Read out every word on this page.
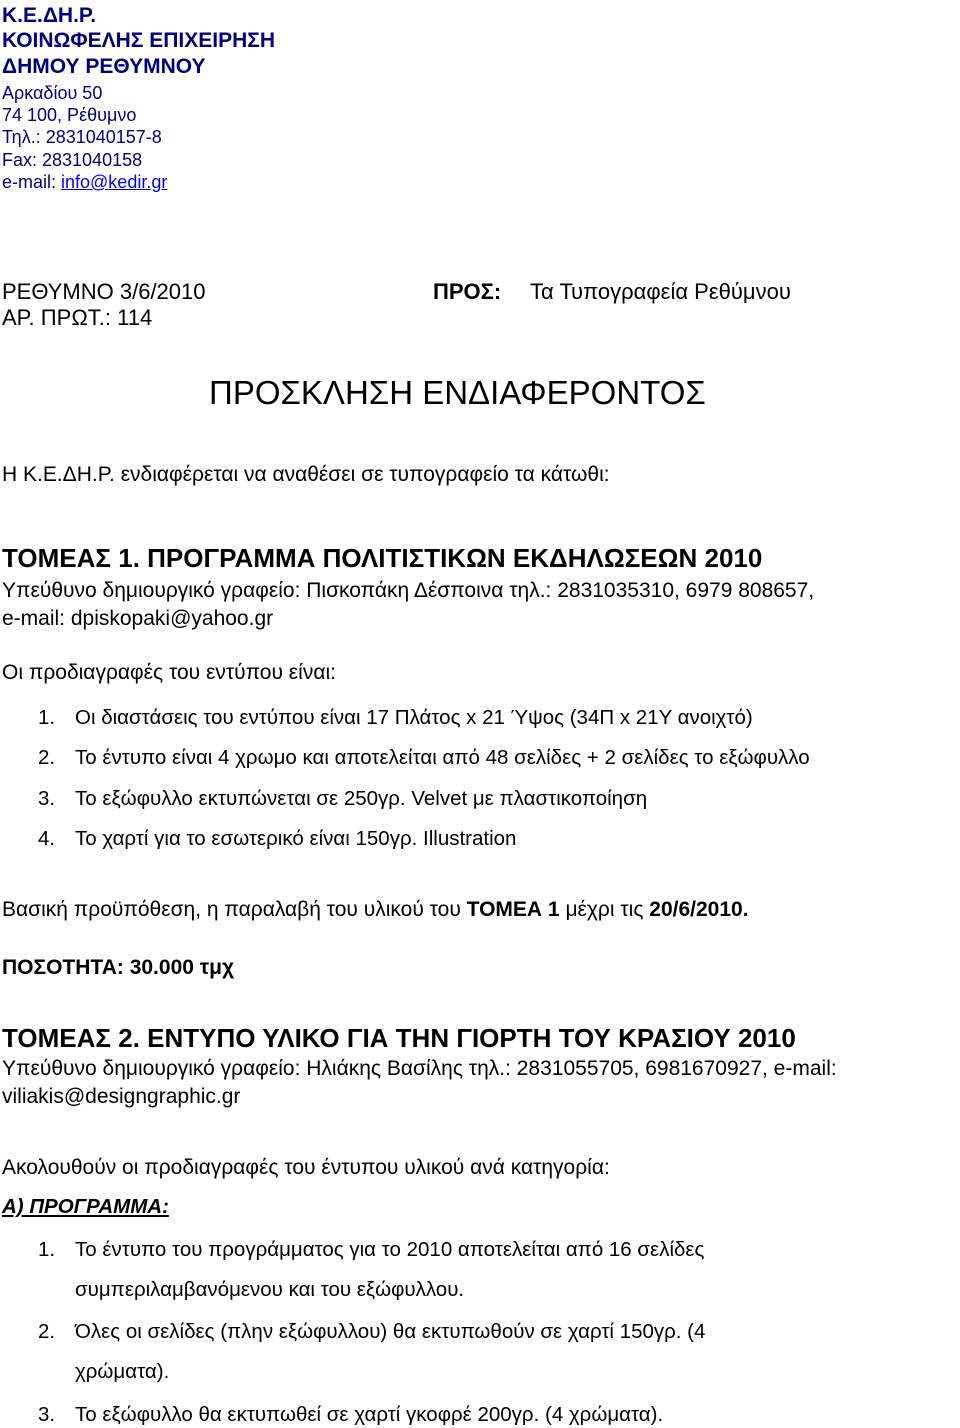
Κ.Ε.ΔΗ.Ρ.

ΚΟΙΝΩΦΕΛΗΣ ΕΠΙΧΕΙΡΗΣΗ

ΔΗΜΟΥ ΡΕΘΥΜΝΟΥ

Αρκαδίου 50

74 100, Ρέθυμνο

Τηλ.: 2831040157-8

Fax: 2831040158

e-mail: info@kedir.gr

ΡΕΘΥΜΝΟ 3/6/2010

ΑΡ. ΠΡΩΤ.: 114

ΠΡΟΣ: Τα Τυπογραφεία Ρεθύμνου

ΠΡΟΣΚΛΗΣΗ ΕΝΔΙΑΦΕΡΟΝΤΟΣ

Η Κ.Ε.ΔΗ.Ρ. ενδιαφέρεται να αναθέσει σε τυπογραφείο τα κάτωθι:

ΤΟΜΕΑΣ 1. ΠΡΟΓΡΑΜΜΑ ΠΟΛΙΤΙΣΤΙΚΩΝ ΕΚΔΗΛΩΣΕΩΝ 2010

Υπεύθυνο δημιουργικό γραφείο: Πισκοπάκη Δέσποινα τηλ.: 2831035310, 6979 808657,

e-mail: dpiskopaki@yahoo.gr

Οι προδιαγραφές του εντύπου είναι:

1. Οι διαστάσεις του εντύπου είναι 17 Πλάτος x 21 Ύψος (34Π x 21Υ ανοιχτό)
2. Το έντυπο είναι 4 χρωμο και αποτελείται από 48 σελίδες + 2 σελίδες το εξώφυλλο
3. Το εξώφυλλο εκτυπώνεται σε 250γρ. Velvet με πλαστικοποίηση
4. Το χαρτί για το εσωτερικό είναι 150γρ. Illustration

Βασική προϋπόθεση, η παραλαβή του υλικού του ΤΟΜΕΑ 1 μέχρι τις 20/6/2010.

ΠΟΣΟΤΗΤΑ: 30.000 τμχ

ΤΟΜΕΑΣ 2. ΕΝΤΥΠΟ ΥΛΙΚΟ ΓΙΑ ΤΗΝ ΓΙΟΡΤΗ ΤΟΥ ΚΡΑΣΙΟΥ 2010

Υπεύθυνο δημιουργικό γραφείο: Ηλιάκης Βασίλης τηλ.: 2831055705, 6981670927, e-mail:

viliakis@designgraphic.gr

Ακολουθούν οι προδιαγραφές του έντυπου υλικού ανά κατηγορία:

Α) ΠΡΟΓΡΑΜΜΑ:

1. Το έντυπο του προγράμματος για το 2010 αποτελείται από 16 σελίδες
συμπεριλαμβανόμενου και του εξώφυλλου.
2. Όλες οι σελίδες (πλην εξώφυλλου) θα εκτυπωθούν σε χαρτί 150γρ. (4
χρώματα).
3. Το εξώφυλλο θα εκτυπωθεί σε χαρτί γκοφρέ 200γρ. (4 χρώματα).
